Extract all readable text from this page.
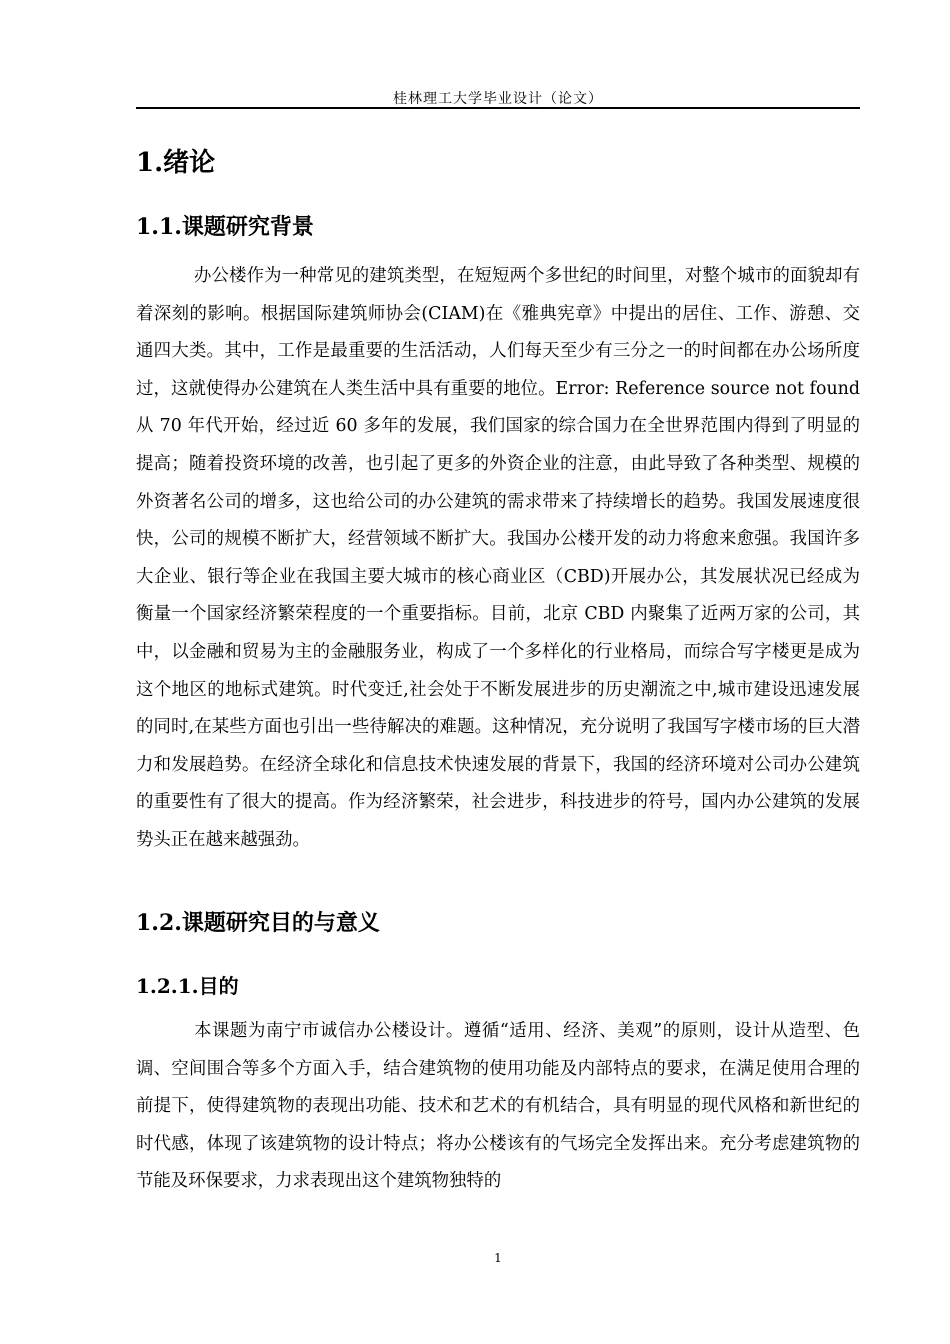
桂林理工大学毕业设计（论文）
1.绪论
1.1.课题研究背景

办公楼作为一种常见的建筑类型，在短短两个多世纪的时间里，对整个城市的面貌却有着深刻的影响。根据国际建筑师协会(CIAM)在《雅典宪章》中提出的居住、工作、游憩、交通四大类。其中，工作是最重要的生活活动，人们每天至少有三分之一的时间都在办公场所度过，这就使得办公建筑在人类生活中具有重要的地位。Error: Reference source not found 从 70 年代开始，经过近 60 多年的发展，我们国家的综合国力在全世界范围内得到了明显的提高；随着投资环境的改善，也引起了更多的外资企业的注意，由此导致了各种类型、规模的外资著名公司的增多，这也给公司的办公建筑的需求带来了持续增长的趋势。我国发展速度很快，公司的规模不断扩大，经营领域不断扩大。我国办公楼开发的动力将愈来愈强。我国许多大企业、银行等企业在我国主要大城市的核心商业区（CBD)开展办公，其发展状况已经成为衡量一个国家经济繁荣程度的一个重要指标。目前，北京 CBD 内聚集了近两万家的公司，其中，以金融和贸易为主的金融服务业，构成了一个多样化的行业格局，而综合写字楼更是成为这个地区的地标式建筑。时代变迁,社会处于不断发展进步的历史潮流之中,城市建设迅速发展的同时,在某些方面也引出一些待解决的难题。这种情况，充分说明了我国写字楼市场的巨大潜力和发展趋势。在经济全球化和信息技术快速发展的背景下，我国的经济环境对公司办公建筑的重要性有了很大的提高。作为经济繁荣，社会进步，科技进步的符号，国内办公建筑的发展势头正在越来越强劲。

1.2.课题研究目的与意义
1.2.1.目的

本课题为南宁市诚信办公楼设计。遵循“适用、经济、美观”的原则，设计从造型、色调、空间围合等多个方面入手，结合建筑物的使用功能及内部特点的要求，在满足使用合理的前提下，使得建筑物的表现出功能、技术和艺术的有机结合，具有明显的现代风格和新世纪的时代感，体现了该建筑物的设计特点；将办公楼该有的气场完全发挥出来。充分考虑建筑物的节能及环保要求，力求表现出这个建筑物独特的

1
